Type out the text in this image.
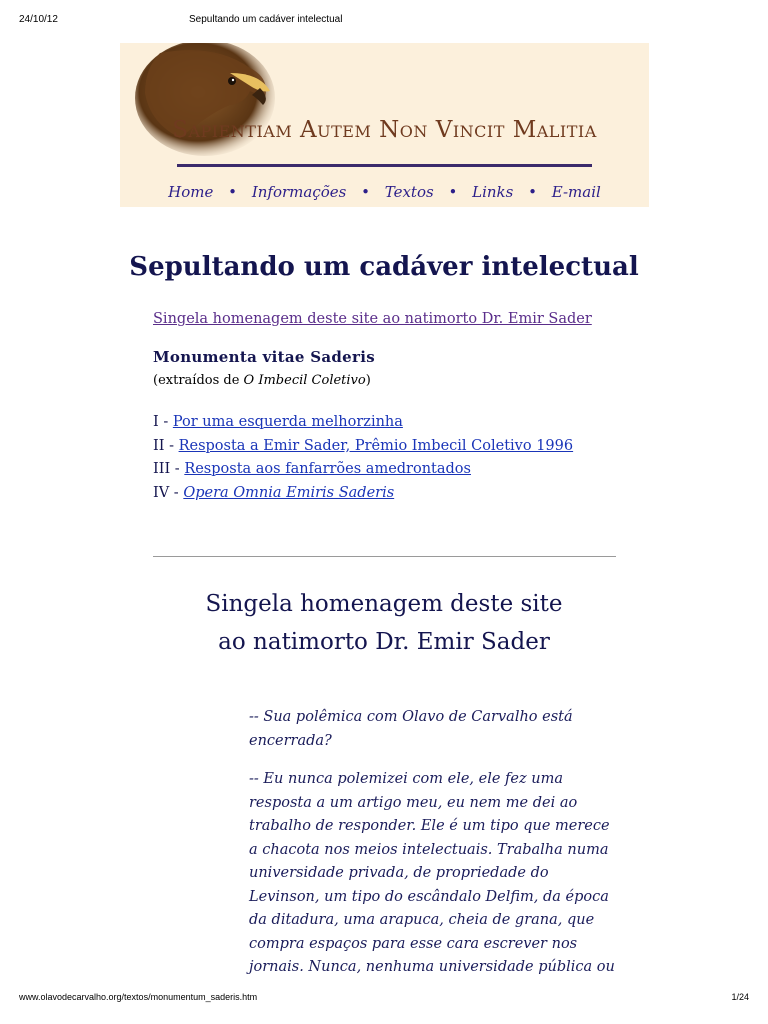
24/10/12	Sepultando um cadáver intelectual
Sapientiam Autem Non Vincit Malitia
Home • Informações • Textos • Links • E-mail
Sepultando um cadáver intelectual
Singela homenagem deste site ao natimorto Dr. Emir Sader
Monumenta vitae Saderis
(extraídos de O Imbecil Coletivo)
I - Por uma esquerda melhorzinha
II - Resposta a Emir Sader, Prêmio Imbecil Coletivo 1996
III - Resposta aos fanfarrões amedrontados
IV - Opera Omnia Emiris Saderis
Singela homenagem deste site
ao natimorto Dr. Emir Sader

-- Sua polêmica com Olavo de Carvalho está encerrada?

-- Eu nunca polemizei com ele, ele fez uma resposta a um artigo meu, eu nem me dei ao trabalho de responder. Ele é um tipo que merece a chacota nos meios intelectuais. Trabalha numa universidade privada, de propriedade do Levinson, um tipo do escândalo Delfim, da época da ditadura, uma arapuca, cheia de grana, que compra espaços para esse cara escrever nos jornais. Nunca, nenhuma universidade pública ou

www.olavodecarvalho.org/textos/monumentum_saderis.htm	1/24
